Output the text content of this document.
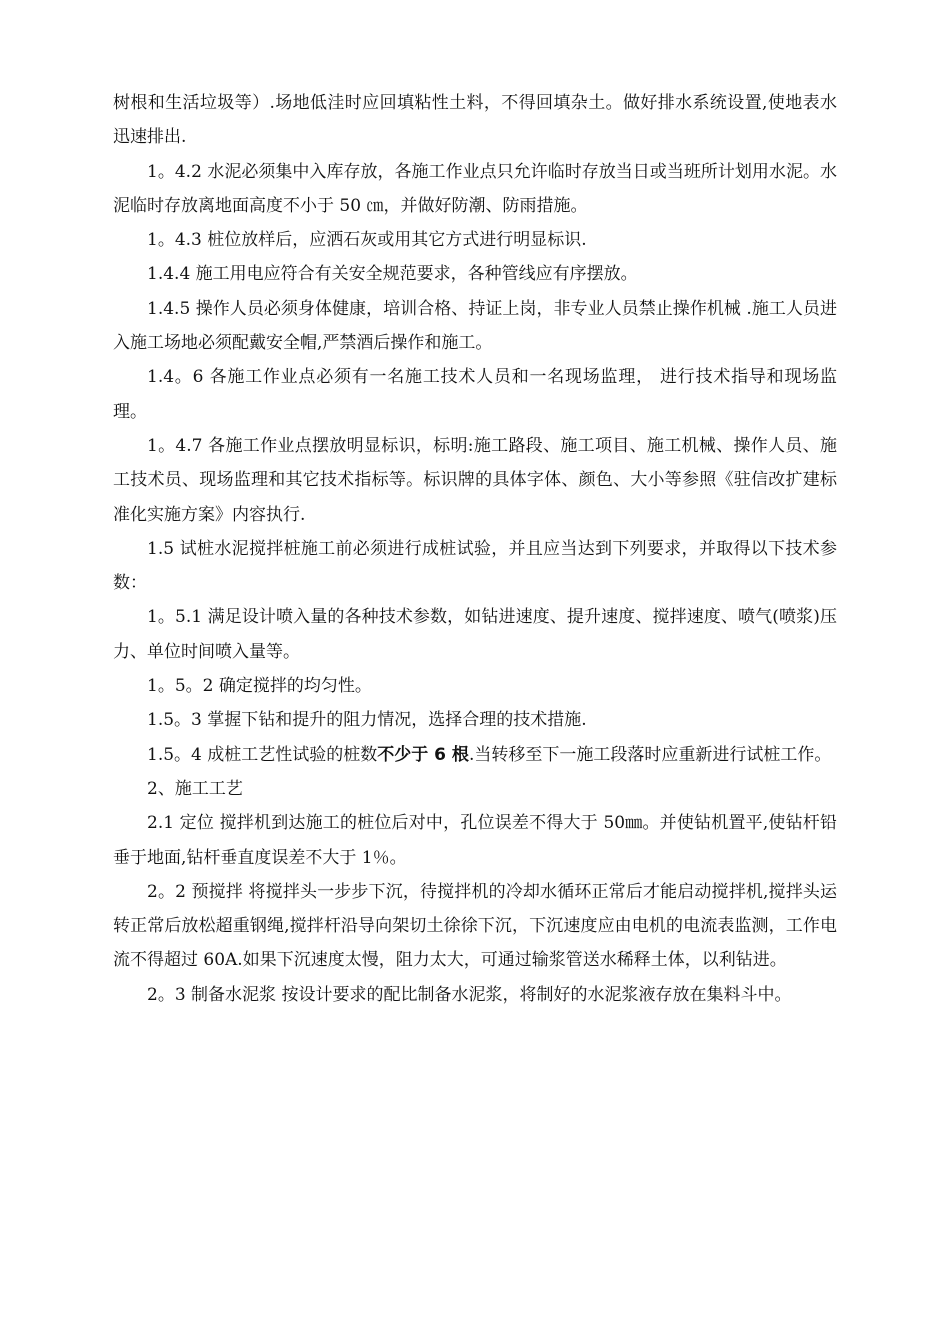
树根和生活垃圾等）.场地低洼时应回填粘性土料，不得回填杂土。做好排水系统设置,使地表水迅速排出.

1。4.2 水泥必须集中入库存放，各施工作业点只允许临时存放当日或当班所计划用水泥。水泥临时存放离地面高度不小于 50 ㎝，并做好防潮、防雨措施。

1。4.3 桩位放样后，应洒石灰或用其它方式进行明显标识.

1.4.4 施工用电应符合有关安全规范要求，各种管线应有序摆放。

1.4.5 操作人员必须身体健康，培训合格、持证上岗，非专业人员禁止操作机械 .施工人员进入施工场地必须配戴安全帽,严禁酒后操作和施工。

1.4。6 各施工作业点必须有一名施工技术人员和一名现场监理， 进行技术指导和现场监理。

1。4.7 各施工作业点摆放明显标识，标明:施工路段、施工项目、施工机械、操作人员、施工技术员、现场监理和其它技术指标等。标识牌的具体字体、颜色、大小等参照《驻信改扩建标准化实施方案》内容执行.

1.5 试桩水泥搅拌桩施工前必须进行成桩试验，并且应当达到下列要求，并取得以下技术参数：

1。5.1 满足设计喷入量的各种技术参数，如钻进速度、提升速度、搅拌速度、喷气(喷浆)压力、单位时间喷入量等。

1。5。2 确定搅拌的均匀性。

1.5。3 掌握下钻和提升的阻力情况，选择合理的技术措施.

1.5。4 成桩工艺性试验的桩数不少于 6 根.当转移至下一施工段落时应重新进行试桩工作。

2、施工工艺

2.1 定位 搅拌机到达施工的桩位后对中，孔位误差不得大于 50㎜。并使钻机置平,使钻杆铅垂于地面,钻杆垂直度误差不大于 1％。

2。2 预搅拌 将搅拌头一步步下沉，待搅拌机的冷却水循环正常后才能启动搅拌机,搅拌头运转正常后放松超重钢绳,搅拌杆沿导向架切土徐徐下沉，下沉速度应由电机的电流表监测，工作电流不得超过 60A.如果下沉速度太慢，阻力太大，可通过输浆管送水稀释土体，以利钻进。

2。3 制备水泥浆 按设计要求的配比制备水泥浆，将制好的水泥浆液存放在集料斗中。
